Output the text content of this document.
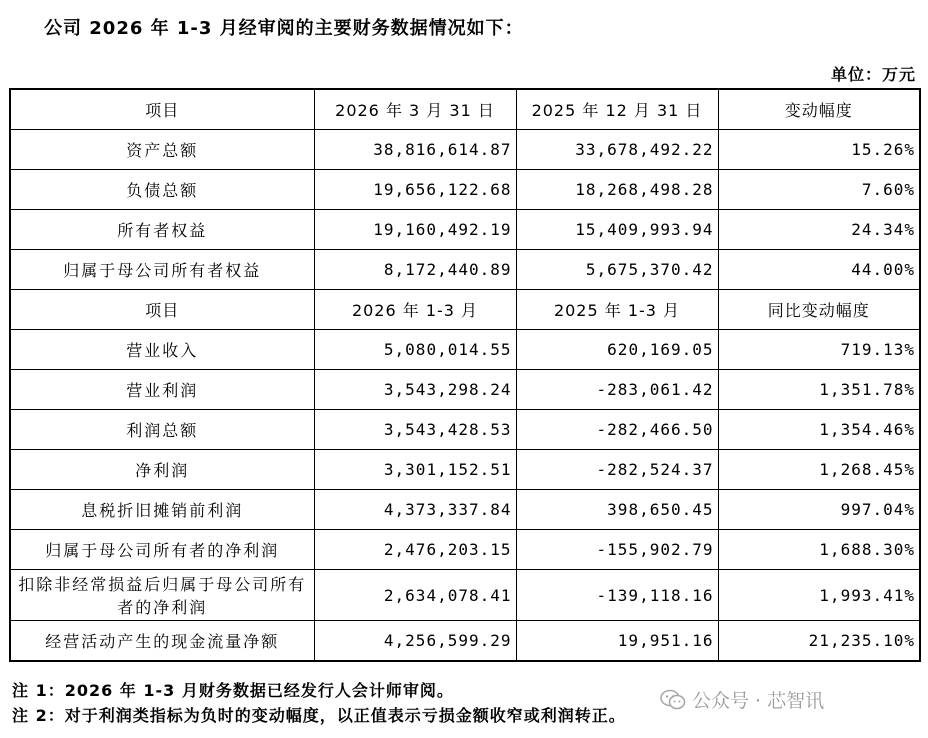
公司 2026 年 1-3 月经审阅的主要财务数据情况如下：
单位：万元
项目	2026 年 3 月 31 日	2025 年 12 月 31 日	变动幅度
资产总额	38,816,614.87	33,678,492.22	15.26%
负债总额	19,656,122.68	18,268,498.28	7.60%
所有者权益	19,160,492.19	15,409,993.94	24.34%
归属于母公司所有者权益	8,172,440.89	5,675,370.42	44.00%
项目	2026 年 1-3 月	2025 年 1-3 月	同比变动幅度
营业收入	5,080,014.55	620,169.05	719.13%
营业利润	3,543,298.24	-283,061.42	1,351.78%
利润总额	3,543,428.53	-282,466.50	1,354.46%
净利润	3,301,152.51	-282,524.37	1,268.45%
息税折旧摊销前利润	4,373,337.84	398,650.45	997.04%
归属于母公司所有者的净利润	2,476,203.15	-155,902.79	1,688.30%
扣除非经常损益后归属于母公司所有者的净利润	2,634,078.41	-139,118.16	1,993.41%
经营活动产生的现金流量净额	4,256,599.29	19,951.16	21,235.10%
注 1：2026 年 1-3 月财务数据已经发行人会计师审阅。
注 2：对于利润类指标为负时的变动幅度，以正值表示亏损金额收窄或利润转正。
公众号 · 芯智讯
